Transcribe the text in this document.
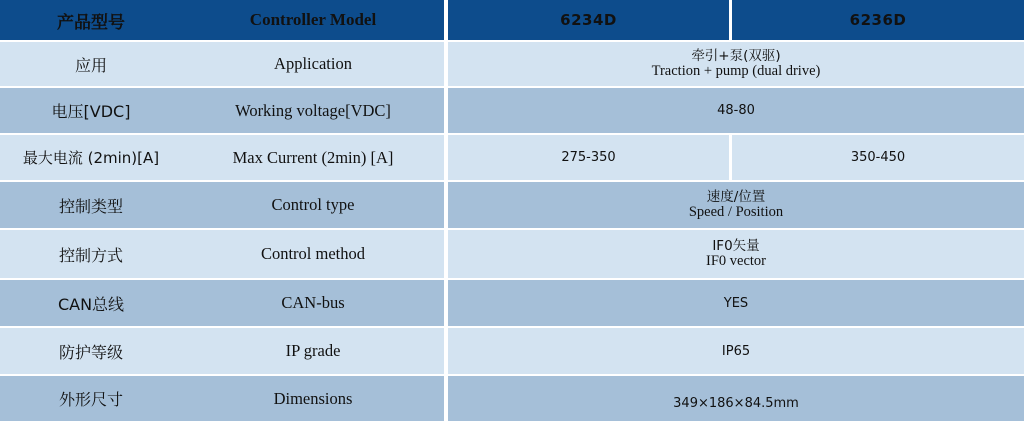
产品型号	Controller Model	6234D	6236D
应用	Application	牵引+泵(双驱)
Traction + pump (dual drive)
电压[VDC]	Working voltage[VDC]	48-80
最大电流 (2min)[A]	Max Current (2min) [A]	275-350	350-450
控制类型	Control type	速度/位置
Speed / Position
控制方式	Control method	IF0矢量
IF0 vector
CAN总线	CAN-bus	YES
防护等级	IP grade	IP65
外形尺寸	Dimensions	349×186×84.5mm
